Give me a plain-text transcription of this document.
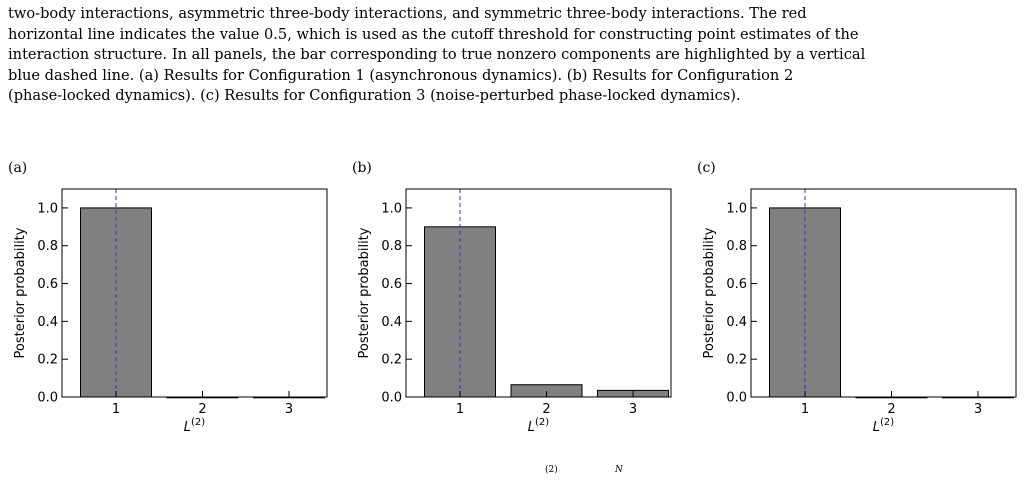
two-body interactions, asymmetric three-body interactions, and symmetric three-body interactions. The red

horizontal line indicates the value 0.5, which is used as the cutoff threshold for constructing point estimates of the

interaction structure. In all panels, the bar corresponding to true nonzero components are highlighted by a vertical

blue dashed line. (a) Results for Configuration 1 (asynchronous dynamics). (b) Results for Configuration 2

(phase-locked dynamics). (c) Results for Configuration 3 (noise-perturbed phase-locked dynamics).

(a)
0.0
0.2
0.4
0.6
0.8
1.0
1	2	3
$L^{(2)}$
Posterior probability
(b)
0.0
0.2
0.4
0.6
0.8
1.0
1	2	3
$L^{(2)}$
Posterior probability
(c)
0.0
0.2
0.4
0.6
0.8
1.0
1	2	3
$L^{(2)}$
Posterior probability
(2)	N
